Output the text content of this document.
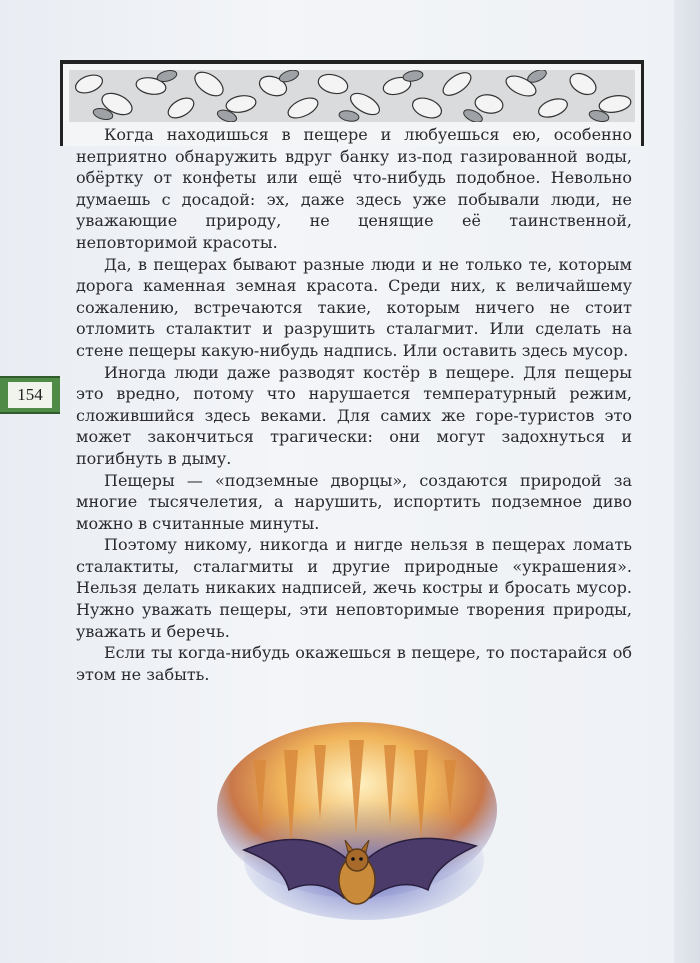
154

Когда находишься в пещере и любуешься ею, особенно неприятно обнаружить вдруг банку из-под газированной воды, обёртку от конфеты или ещё что-нибудь подобное. Невольно думаешь с досадой: эх, даже здесь уже побывали люди, не уважающие природу, не ценящие её таинственной, неповторимой красоты.

Да, в пещерах бывают разные люди и не только те, которым дорога каменная земная красота. Среди них, к величайшему сожалению, встречаются такие, которым ничего не стоит отломить сталактит и разрушить сталагмит. Или сделать на стене пещеры какую-нибудь надпись. Или оставить здесь мусор.

Иногда люди даже разводят костёр в пещере. Для пещеры это вредно, потому что нарушается температурный режим, сложившийся здесь веками. Для самих же горе-туристов это может закончиться трагически: они могут задохнуться и погибнуть в дыму.

Пещеры — «подземные дворцы», создаются природой за многие тысячелетия, а нарушить, испортить подземное диво можно в считанные минуты.

Поэтому никому, никогда и нигде нельзя в пещерах ломать сталактиты, сталагмиты и другие природные «украшения». Нельзя делать никаких надписей, жечь костры и бросать мусор. Нужно уважать пещеры, эти неповторимые творения природы, уважать и беречь.

Если ты когда-нибудь окажешься в пещере, то постарайся об этом не забыть.
